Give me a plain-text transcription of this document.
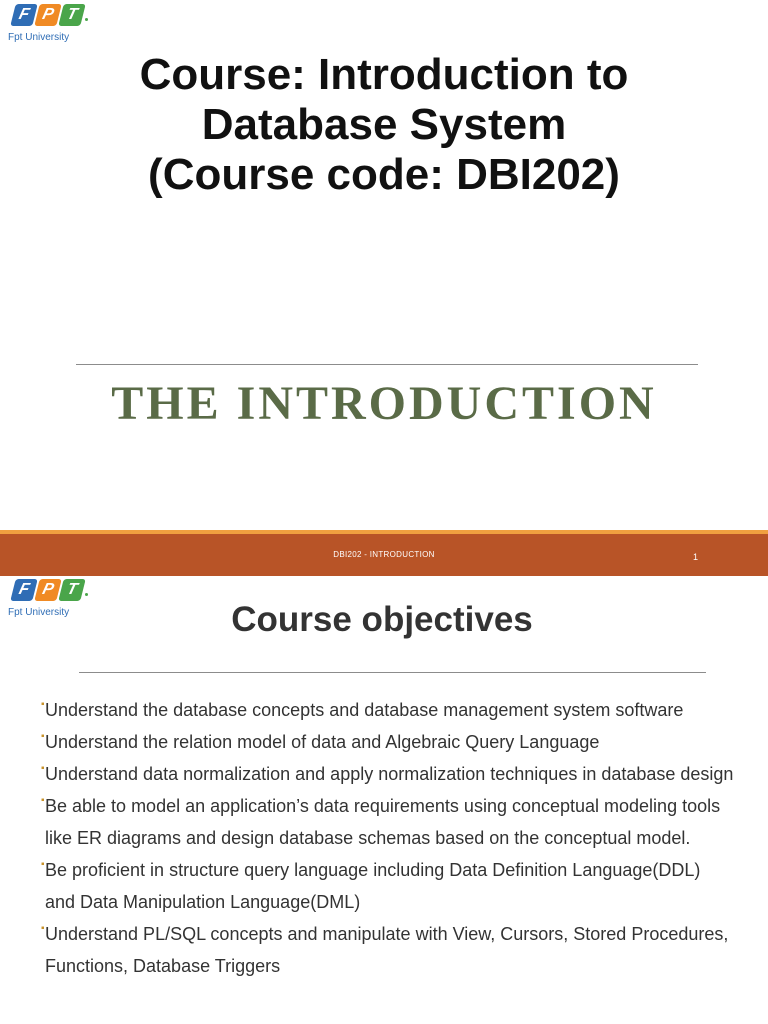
F P T
Fpt University
Course: Introduction to
Database System
(Course code: DBI202)
THE INTRODUCTION
DBI202 - INTRODUCTION	1
F P T
Fpt University	Course objectives
▪ Understand the database concepts and database management system software
▪ Understand the relation model of data and Algebraic Query Language
▪ Understand data normalization and apply normalization techniques in database design
▪ Be able to model an application’s data requirements using conceptual modeling tools like ER diagrams and design database schemas based on the conceptual model.
▪ Be proficient in structure query language including Data Definition Language(DDL) and Data Manipulation Language(DML)
▪ Understand PL/SQL concepts and manipulate with View, Cursors, Stored Procedures, Functions, Database Triggers
